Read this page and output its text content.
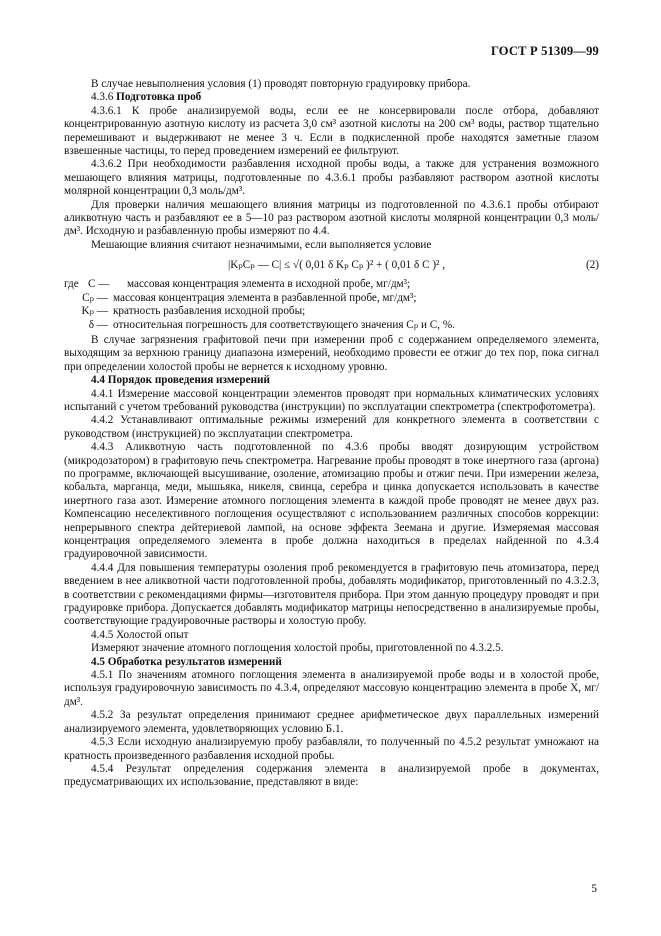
ГОСТ Р 51309—99

В случае невыполнения условия (1) проводят повторную градуировку прибора.

4.3.6 Подготовка проб

4.3.6.1 К пробе анализируемой воды, если ее не консервировали после отбора, добавляют концентрированную азотную кислоту из расчета 3,0 см³ азотной кислоты на 200 см³ воды, раствор тщательно перемешивают и выдерживают не менее 3 ч. Если в подкисленной пробе находятся заметные глазом взвешенные частицы, то перед проведением измерений ее фильтруют.

4.3.6.2 При необходимости разбавления исходной пробы воды, а также для устранения возможного мешающего влияния матрицы, подготовленные по 4.3.6.1 пробы разбавляют раствором азотной кислоты молярной концентрации 0,3 моль/дм³.

Для проверки наличия мешающего влияния матрицы из подготовленной по 4.3.6.1 пробы отбирают аликвотную часть и разбавляют ее в 5—10 раз раствором азотной кислоты молярной концентрации 0,3 моль/дм³. Исходную и разбавленную пробы измеряют по 4.4.

Мешающие влияния считают незначимыми, если выполняется условие

|KₚCₚ — C| ≤ √( 0,01 δ Kₚ Cₚ )² + ( 0,01 δ C )² ,	(2)
где C —	массовая концентрация элемента в исходной пробе, мг/дм³;
Cₚ — массовая концентрация элемента в разбавленной пробе, мг/дм³;
Kₚ — кратность разбавления исходной пробы;
δ — относительная погрешность для соответствующего значения Cₚ и C, %.

В случае загрязнения графитовой печи при измерении проб с содержанием определяемого элемента, выходящим за верхнюю границу диапазона измерений, необходимо провести ее отжиг до тех пор, пока сигнал при определении холостой пробы не вернется к исходному уровню.

4.4 Порядок проведения измерений

4.4.1 Измерение массовой концентрации элементов проводят при нормальных климатических условиях испытаний с учетом требований руководства (инструкции) по эксплуатации спектрометра (спектрофотометра).

4.4.2 Устанавливают оптимальные режимы измерений для конкретного элемента в соответствии с руководством (инструкцией) по эксплуатации спектрометра.

4.4.3 Аликвотную часть подготовленной по 4.3.6 пробы вводят дозирующим устройством (микродозатором) в графитовую печь спектрометра. Нагревание пробы проводят в токе инертного газа (аргона) по программе, включающей высушивание, озоление, атомизацию пробы и отжиг печи. При измерении железа, кобальта, марганца, меди, мышьяка, никеля, свинца, серебра и цинка допускается использовать в качестве инертного газа азот. Измерение атомного поглощения элемента в каждой пробе проводят не менее двух раз. Компенсацию неселективного поглощения осуществляют с использованием различных способов коррекции: непрерывного спектра дейтериевой лампой, на основе эффекта Зеемана и другие. Измеряемая массовая концентрация определяемого элемента в пробе должна находиться в пределах найденной по 4.3.4 градуировочной зависимости.

4.4.4 Для повышения температуры озоления проб рекомендуется в графитовую печь атомизатора, перед введением в нее аликвотной части подготовленной пробы, добавлять модификатор, приготовленный по 4.3.2.3, в соответствии с рекомендациями фирмы—изготовителя прибора. При этом данную процедуру проводят и при градуировке прибора. Допускается добавлять модификатор матрицы непосредственно в анализируемые пробы, соответствующие градуировочные растворы и холостую пробу.

4.4.5 Холостой опыт

Измеряют значение атомного поглощения холостой пробы, приготовленной по 4.3.2.5.

4.5 Обработка результатов измерений

4.5.1 По значениям атомного поглощения элемента в анализируемой пробе воды и в холостой пробе, используя градуировочную зависимость по 4.3.4, определяют массовую концентрацию элемента в пробе X, мг/дм³.

4.5.2 За результат определения принимают среднее арифметическое двух параллельных измерений анализируемого элемента, удовлетворяющих условию Б.1.

4.5.3 Если исходную анализируемую пробу разбавляли, то полученный по 4.5.2 результат умножают на кратность произведенного разбавления исходной пробы.

4.5.4 Результат определения содержания элемента в анализируемой пробе в документах, предусматривающих их использование, представляют в виде:

5
